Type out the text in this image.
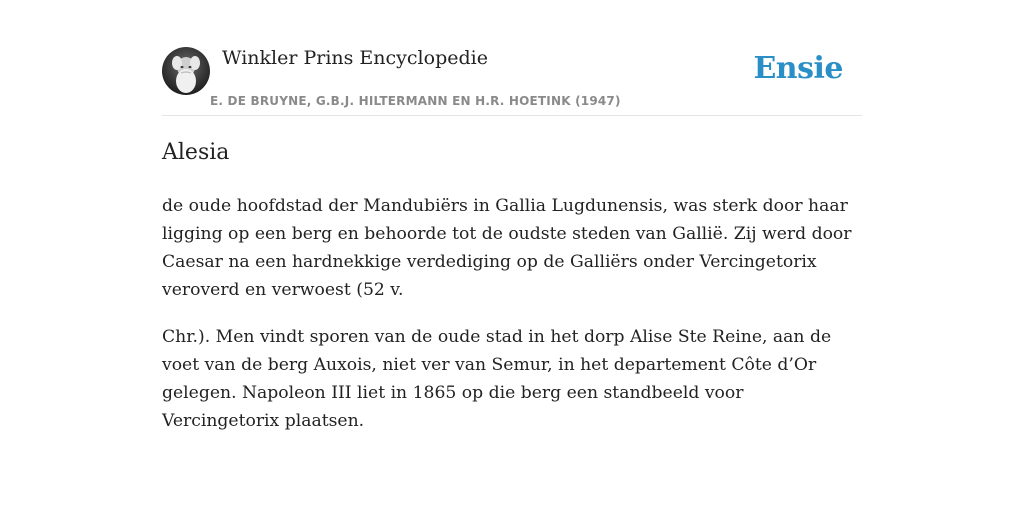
Winkler Prins Encyclopedie
E. DE BRUYNE, G.B.J. HILTERMANN EN H.R. HOETINK (1947)
Ensie
Alesia

de oude hoofdstad der Mandubiërs in Gallia Lugdunensis, was sterk door haar ligging op een berg en behoorde tot de oudste steden van Gallië. Zij werd door Caesar na een hardnekkige verdediging op de Galliërs onder Vercingetorix veroverd en verwoest (52 v.

Chr.). Men vindt sporen van de oude stad in het dorp Alise Ste Reine, aan de voet van de berg Auxois, niet ver van Semur, in het departement Côte d’Or gelegen. Napoleon III liet in 1865 op die berg een standbeeld voor Vercingetorix plaatsen.
